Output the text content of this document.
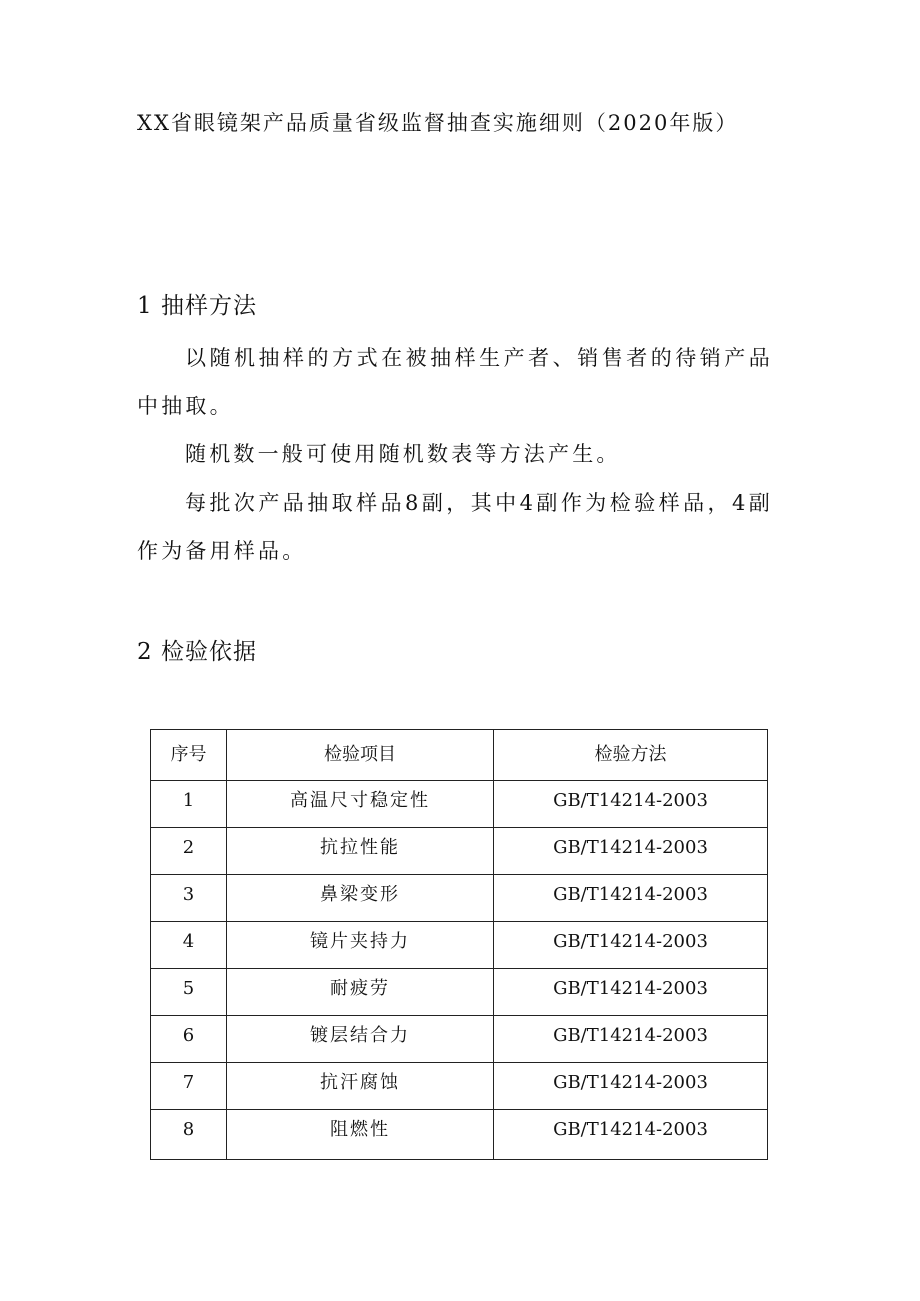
XX省眼镜架产品质量省级监督抽查实施细则（2020年版）
1 抽样方法

以随机抽样的方式在被抽样生产者、销售者的待销产品中抽取。

随机数一般可使用随机数表等方法产生。

每批次产品抽取样品8副，其中4副作为检验样品，4副作为备用样品。

2 检验依据
序号	检验项目	检验方法
1	高温尺寸稳定性	GB/T14214-2003
2	抗拉性能	GB/T14214-2003
3	鼻梁变形	GB/T14214-2003
4	镜片夹持力	GB/T14214-2003
5	耐疲劳	GB/T14214-2003
6	镀层结合力	GB/T14214-2003
7	抗汗腐蚀	GB/T14214-2003
8	阻燃性	GB/T14214-2003
